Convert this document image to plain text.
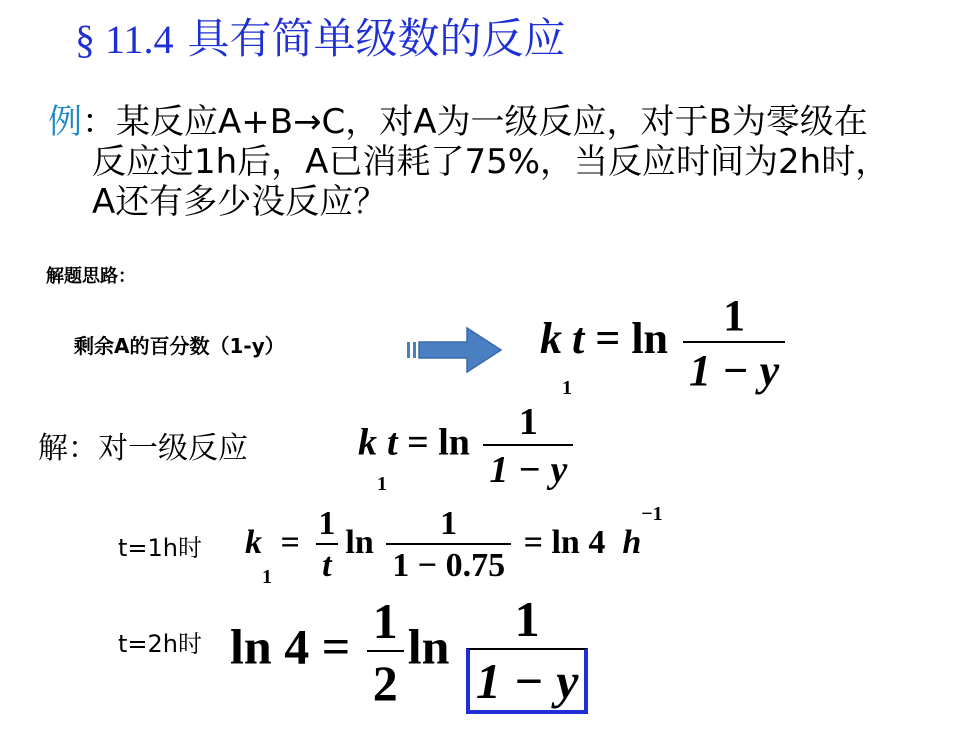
§ 11.4 具有简单级数的反应
例：某反应A+B→C，对A为一级反应，对于B为零级在
反应过1h后，A已消耗了75%，当反应时间为2h时，
A还有多少没反应？
解题思路：
剩余A的百分数（1-y）	$k1t = \ln \frac{1}{1 - y}$
解：对一级反应	$k1t = \ln \frac{1}{1 - y}$
t=1h时 $k1 = \frac{1}{t}$ $\ln \frac{1}{1 - 0.75} = \ln 4$ $h^{-1}$
t=2h时 $\ln 4 = \frac{1}{2}$ $\ln \frac{1}{1 - y}$
